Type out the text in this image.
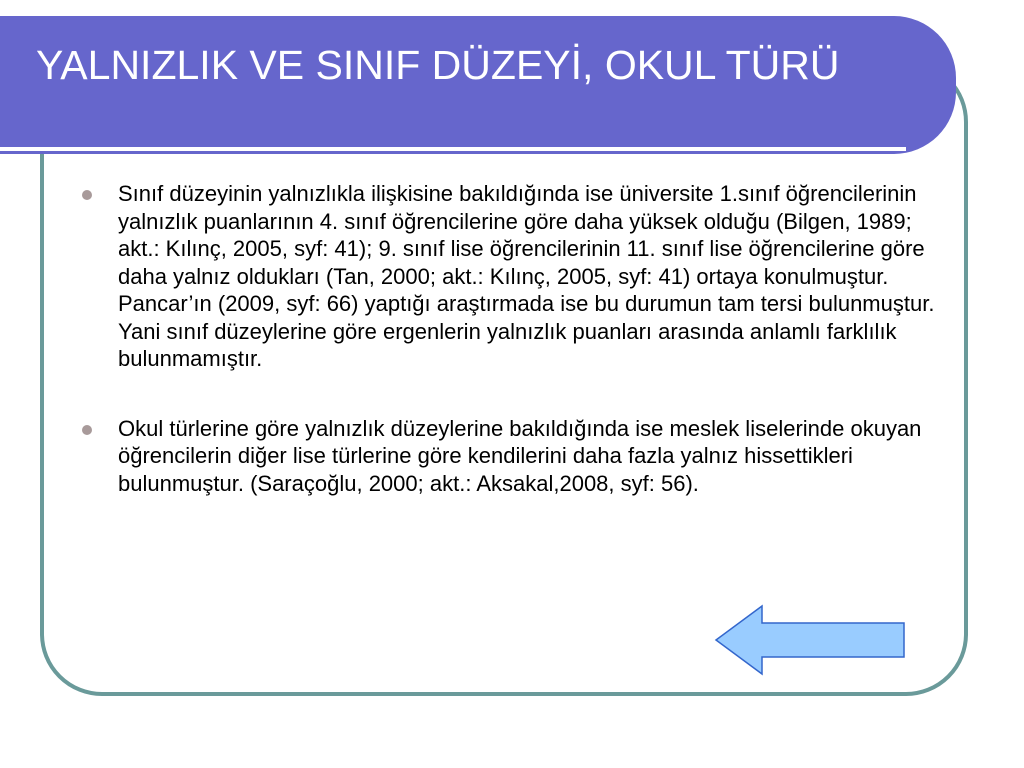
YALNIZLIK VE SINIF DÜZEYİ, OKUL TÜRÜ
Sınıf düzeyinin yalnızlıkla ilişkisine bakıldığında ise üniversite 1.sınıf öğrencilerinin yalnızlık puanlarının 4. sınıf öğrencilerine göre daha yüksek olduğu (Bilgen, 1989; akt.: Kılınç, 2005, syf: 41); 9. sınıf lise öğrencilerinin 11. sınıf lise öğrencilerine göre daha yalnız oldukları (Tan, 2000; akt.: Kılınç, 2005, syf: 41) ortaya konulmuştur. Pancar’ın (2009, syf: 66) yaptığı araştırmada ise bu durumun tam tersi bulunmuştur. Yani sınıf düzeylerine göre ergenlerin yalnızlık puanları arasında anlamlı farklılık bulunmamıştır.
Okul türlerine göre yalnızlık düzeylerine bakıldığında ise meslek liselerinde okuyan öğrencilerin diğer lise türlerine göre kendilerini daha fazla yalnız hissettikleri bulunmuştur. (Saraçoğlu, 2000; akt.: Aksakal,2008, syf: 56).
